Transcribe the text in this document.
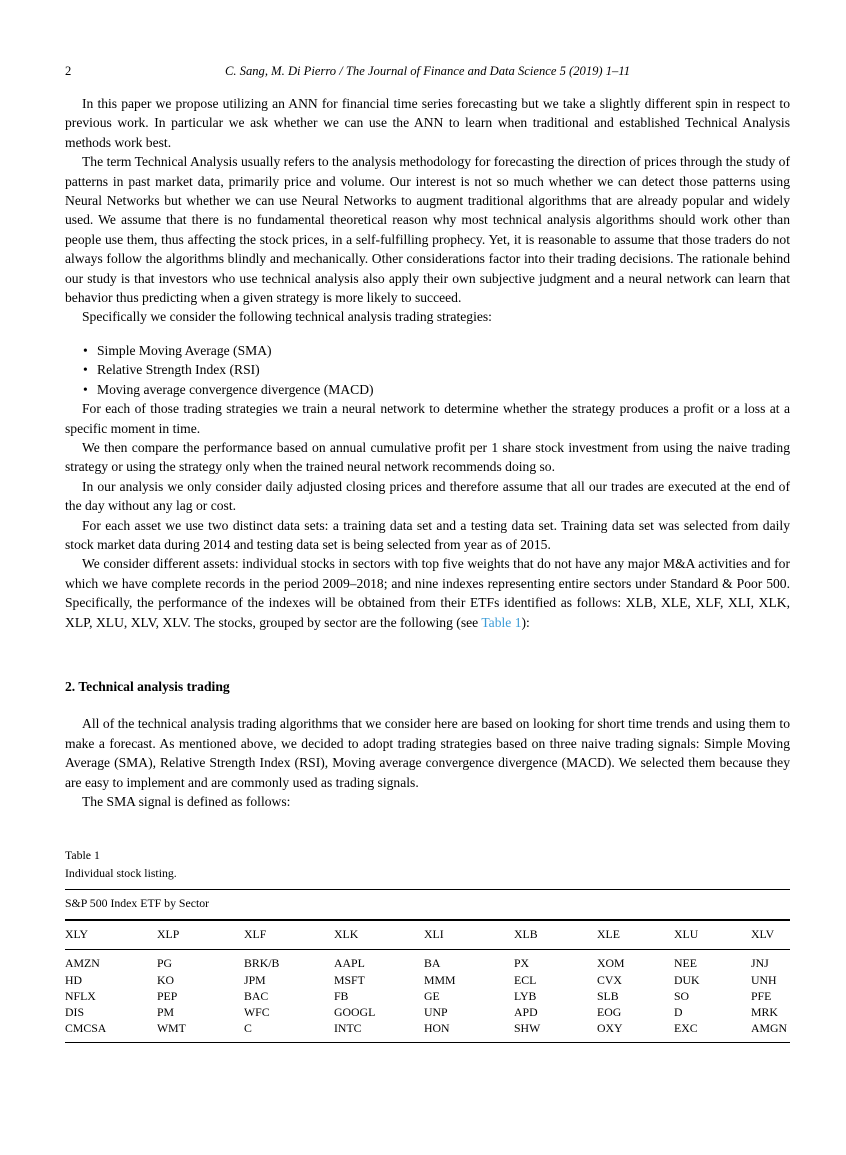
2	C. Sang, M. Di Pierro / The Journal of Finance and Data Science 5 (2019) 1–11

In this paper we propose utilizing an ANN for financial time series forecasting but we take a slightly different spin in respect to previous work. In particular we ask whether we can use the ANN to learn when traditional and established Technical Analysis methods work best.

The term Technical Analysis usually refers to the analysis methodology for forecasting the direction of prices through the study of patterns in past market data, primarily price and volume. Our interest is not so much whether we can detect those patterns using Neural Networks but whether we can use Neural Networks to augment traditional algorithms that are already popular and widely used. We assume that there is no fundamental theoretical reason why most technical analysis algorithms should work other than people use them, thus affecting the stock prices, in a self-fulfilling prophecy. Yet, it is reasonable to assume that those traders do not always follow the algorithms blindly and mechanically. Other considerations factor into their trading decisions. The rationale behind our study is that investors who use technical analysis also apply their own subjective judgment and a neural network can learn that behavior thus predicting when a given strategy is more likely to succeed.

Specifically we consider the following technical analysis trading strategies:

• Simple Moving Average (SMA)
• Relative Strength Index (RSI)
• Moving average convergence divergence (MACD)

For each of those trading strategies we train a neural network to determine whether the strategy produces a profit or a loss at a specific moment in time.

We then compare the performance based on annual cumulative profit per 1 share stock investment from using the naive trading strategy or using the strategy only when the trained neural network recommends doing so.

In our analysis we only consider daily adjusted closing prices and therefore assume that all our trades are executed at the end of the day without any lag or cost.

For each asset we use two distinct data sets: a training data set and a testing data set. Training data set was selected from daily stock market data during 2014 and testing data set is being selected from year as of 2015.

We consider different assets: individual stocks in sectors with top five weights that do not have any major M&A activities and for which we have complete records in the period 2009–2018; and nine indexes representing entire sectors under Standard & Poor 500. Specifically, the performance of the indexes will be obtained from their ETFs identified as follows: XLB, XLE, XLF, XLI, XLK, XLP, XLU, XLV, XLV. The stocks, grouped by sector are the following (see Table 1):

2. Technical analysis trading

All of the technical analysis trading algorithms that we consider here are based on looking for short time trends and using them to make a forecast. As mentioned above, we decided to adopt trading strategies based on three naive trading signals: Simple Moving Average (SMA), Relative Strength Index (RSI), Moving average convergence divergence (MACD). We selected them because they are easy to implement and are commonly used as trading signals.

The SMA signal is defined as follows:

Table 1
Individual stock listing.
S&P 500 Index ETF by Sector
XLY	XLP	XLF	XLK	XLI	XLB	XLE	XLU	XLV
AMZN	PG	BRK/B	AAPL	BA	PX	XOM	NEE	JNJ
HD	KO	JPM	MSFT	MMM	ECL	CVX	DUK	UNH
NFLX	PEP	BAC	FB	GE	LYB	SLB	SO	PFE
DIS	PM	WFC	GOOGL	UNP	APD	EOG	D	MRK
CMCSA	WMT	C	INTC	HON	SHW	OXY	EXC	AMGN
